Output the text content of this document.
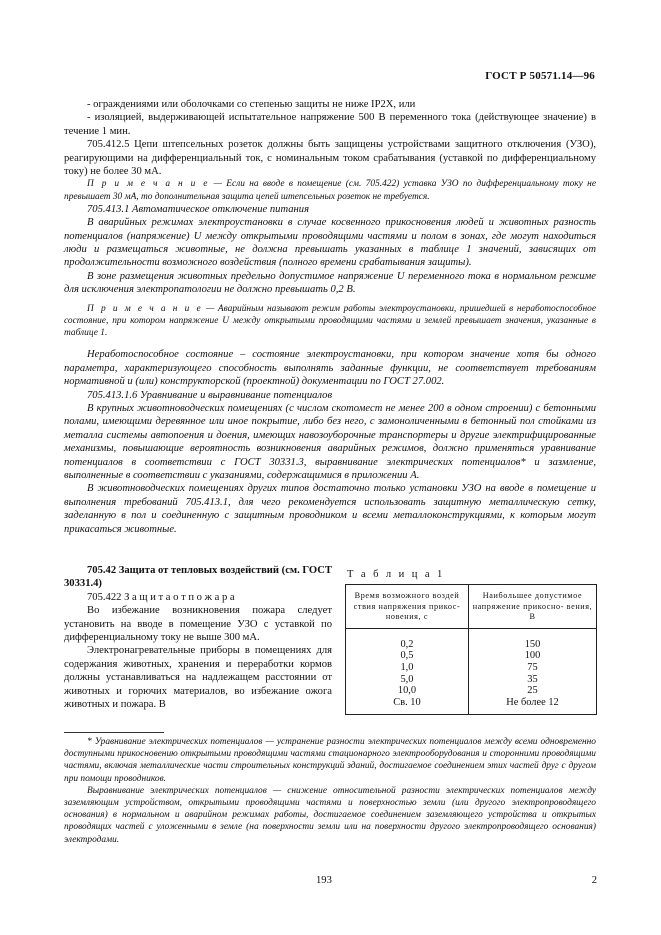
ГОСТ Р 50571.14—96

- ограждениями или оболочками со степенью защиты не ниже IP2X, или

- изоляцией, выдерживающей испытательное напряжение 500 В переменного тока (действующее значение) в течение 1 мин.

705.412.5 Цепи штепсельных розеток должны быть защищены устройствами защитного отключения (УЗО), реагирующими на дифференциальный ток, с номинальным током срабатывания (уставкой по дифференциальному току) не более 30 мА.

П р и м е ч а н и е — Если на вводе в помещение (см. 705.422) уставка УЗО по дифференциальному току не превышает 30 мА, то дополнительная защита цепей штепсельных розеток не требуется.

705.413.1 Автоматическое отключение питания

В аварийных режимах электроустановки в случае косвенного прикосновения людей и животных разность потенциалов (напряжение) U между открытыми проводящими частями и полом в зонах, где могут находиться люди и размещаться животные, не должна превышать указанных в таблице 1 значений, зависящих от продолжительности возможного воздействия (полного времени срабатывания защиты).

В зоне размещения животных предельно допустимое напряжение U переменного тока в нормальном режиме для исключения электропатологии не должно превышать 0,2 В.

П р и м е ч а н и е — Аварийным называют режим работы электроустановки, пришедшей в неработоспособное состояние, при котором напряжение U между открытыми проводящими частями и землей превышает значения, указанные в таблице 1.

Неработоспособное состояние – состояние электроустановки, при котором значение хотя бы одного параметра, характеризующего способность выполнять заданные функции, не соответствует требованиям нормативной и (или) конструкторской (проектной) документации по ГОСТ 27.002.

705.413.1.6 Уравнивание и выравнивание потенциалов

В крупных животноводческих помещениях (с числом скотомест не менее 200 в одном строении) с бетонными полами, имеющими деревянное или иное покрытие, либо без него, с замоноличенными в бетонный пол стойками из металла системы автопоения и доения, имеющих навозоуборочные транспортеры и другие электрифицированные механизмы, повышающие вероятность возникновения аварийных режимов, должно применяться уравнивание потенциалов в соответствии с ГОСТ 30331.3, выравнивание электрических потенциалов* и зазмление, выполненные в соответствии с указаниями, содержащимися в приложении А.

В животноводческих помещениях других типов достаточно только установки УЗО на вводе в помещение и выполнения требований 705.413.1, для чего рекомендуется использовать защитную металлическую сетку, заделанную в пол и соединенную с защитным проводником и всеми металлоконструкциями, к которым могут прикасаться животные.

705.42 Защита от тепловых воздействий (см. ГОСТ 30331.4)

705.422 З а щ и т а о т п о ж а р а

Во избежание возникновения пожара следует установить на вводе в помещение УЗО с уставкой по дифференциальному току не выше 300 мА.

Электронагревательные приборы в помещениях для содержания животных, хранения и переработки кормов должны устанавливаться на надлежащем расстоянии от животных и горючих материалов, во избежание ожога животных и пожара. В

Т а б л и ц а 1
Время возможного воздей ствия напряжения прикос- новения, с	Наибольшее допустимое напряжение прикосно- вения, В
0,2	150
0,5	100
1,0	75
5,0	35
10,0	25
Св. 10	Не более 12

* Уравнивание электрических потенциалов — устранение разности электрических потенциалов между всеми одновременно доступными прикосновению открытыми проводящими частями стационарного электрооборудования и сторонними проводящими частями, включая металлические части строительных конструкций зданий, достигаемое соединением этих частей друг с другом при помощи проводников.

Выравнивание электрических потенциалов — снижение относительной разности электрических потенциалов между заземляющим устройством, открытыми проводящими частями и поверхностью земли (или другого электропроводящего основания) в нормальном и аварийном режимах работы, достигаемое соединением заземляющего устройства и открытых проводящих частей с уложенными в земле (на поверхности земли или на поверхности другого электропроводящего основания) электродами.

193	2
